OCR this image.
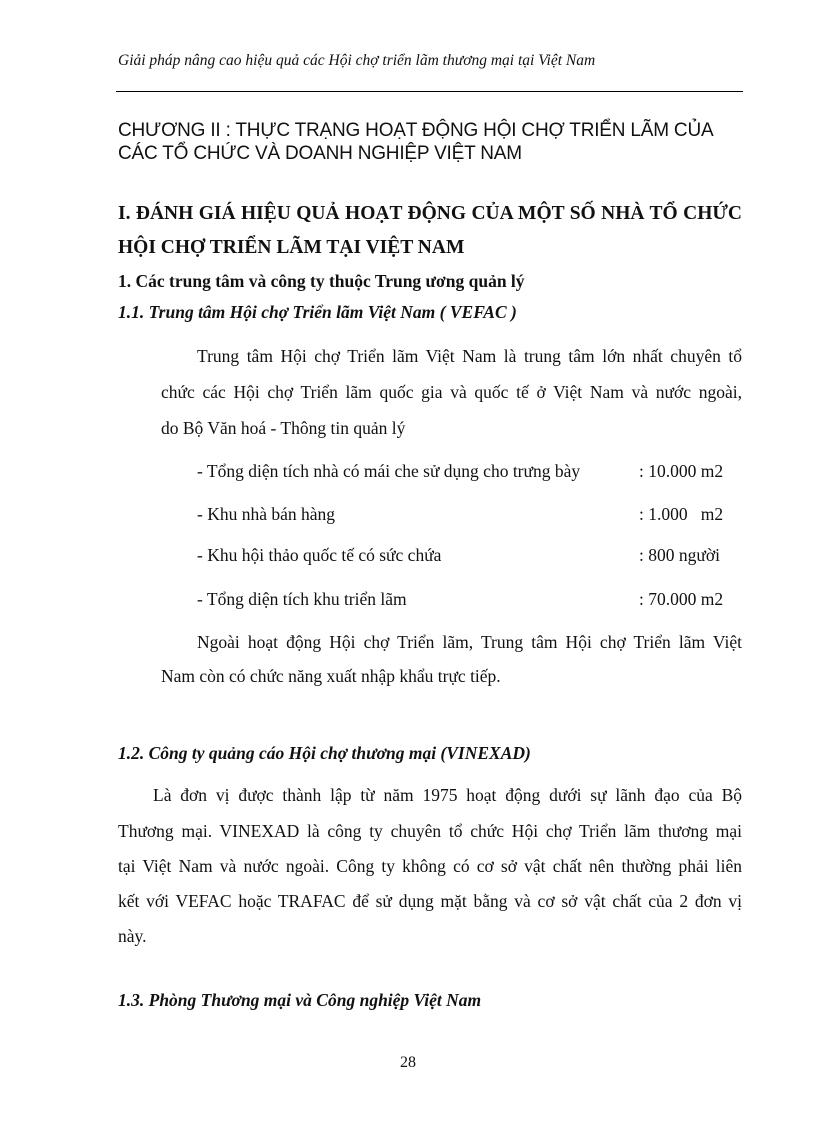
Giải pháp nâng cao hiệu quả các Hội chợ triển lãm thương mại tại Việt Nam
CHƯƠNG II : THỰC TRẠNG HOẠT ĐỘNG HỘI CHỢ TRIỂN LÃM CỦA
CÁC TỔ CHỨC VÀ DOANH NGHIỆP VIỆT NAM
I. ĐÁNH GIÁ HIỆU QUẢ HOẠT ĐỘNG CỦA MỘT SỐ NHÀ TỔ CHỨC
HỘI CHỢ TRIỂN LÃM TẠI VIỆT NAM
1. Các trung tâm và công ty thuộc Trung ương quản lý
1.1. Trung tâm Hội chợ Triển lãm Việt Nam ( VEFAC )
Trung tâm Hội chợ Triển lãm Việt Nam là trung tâm lớn nhất chuyên tổ
chức các Hội chợ Triển lãm quốc gia và quốc tế ở Việt Nam và nước ngoài,
do Bộ Văn hoá - Thông tin quản lý
- Tổng diện tích nhà có mái che sử dụng cho trưng bày	: 10.000 m2
- Khu nhà bán hàng	: 1.000   m2
- Khu hội thảo quốc tế có sức chứa	: 800 người
- Tổng diện tích khu triển lãm	: 70.000 m2
Ngoài hoạt động Hội chợ Triển lãm, Trung tâm Hội chợ Triển lãm Việt
Nam còn có chức năng xuất nhập khẩu trực tiếp.
1.2. Công ty quảng cáo Hội chợ thương mại (VINEXAD)
Là đơn vị được thành lập từ năm 1975 hoạt động dưới sự lãnh đạo của Bộ
Thương mại. VINEXAD là công ty chuyên tổ chức Hội chợ Triển lãm thương mại
tại Việt Nam và nước ngoài. Công ty không có cơ sở vật chất nên thường phải liên
kết với VEFAC hoặc TRAFAC để sử dụng mặt bằng và cơ sở vật chất của 2 đơn vị
này.
1.3. Phòng Thương mại và Công nghiệp Việt Nam
28
